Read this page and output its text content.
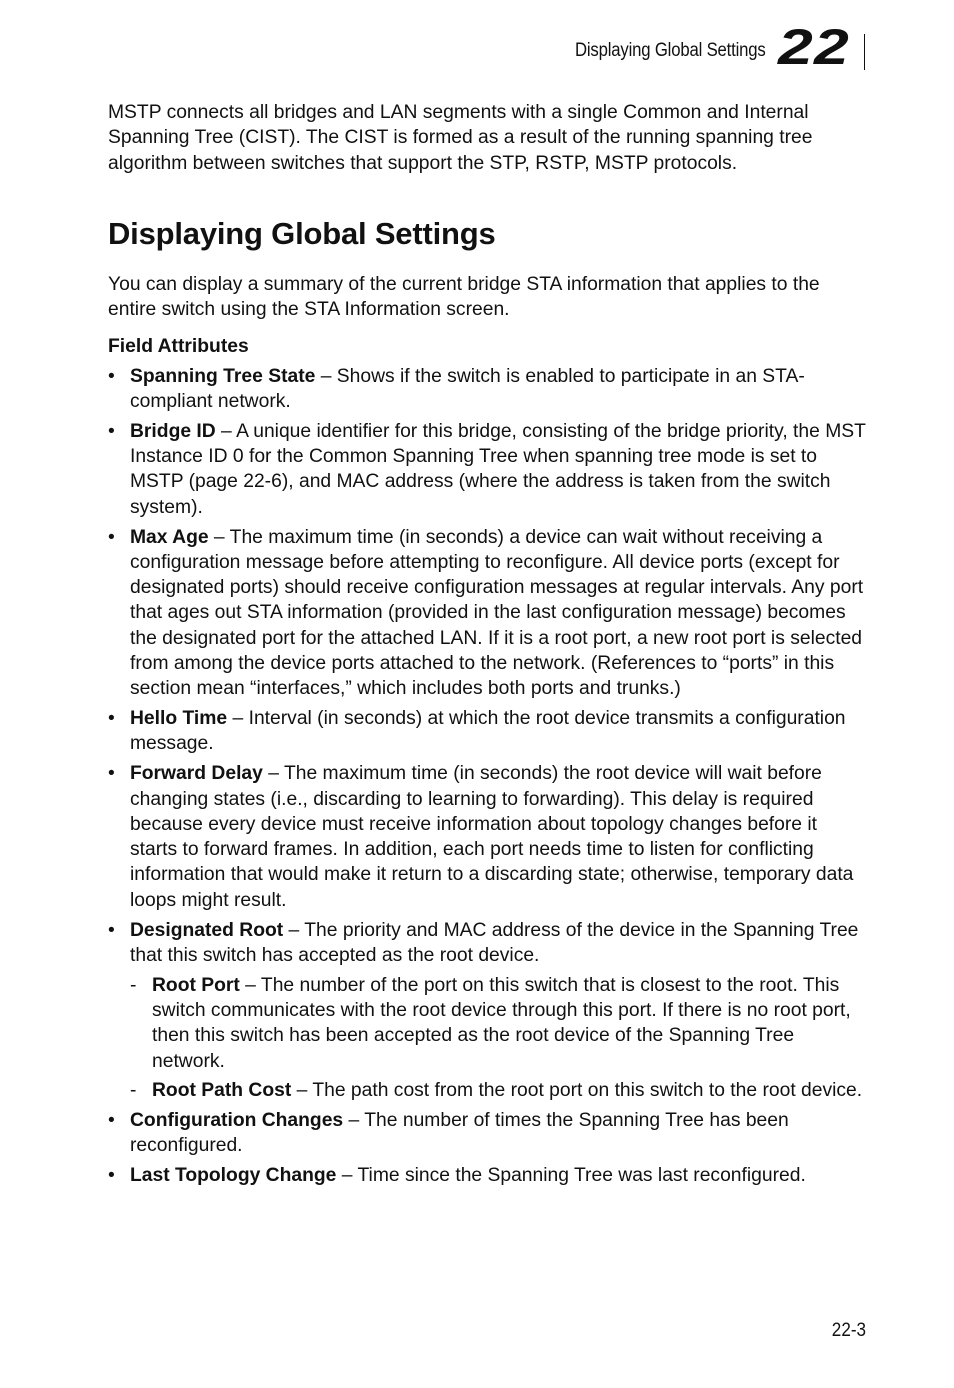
Displaying Global Settings 22

MSTP connects all bridges and LAN segments with a single Common and Internal Spanning Tree (CIST). The CIST is formed as a result of the running spanning tree algorithm between switches that support the STP, RSTP, MSTP protocols.

Displaying Global Settings

You can display a summary of the current bridge STA information that applies to the entire switch using the STA Information screen.

Field Attributes
• Spanning Tree State – Shows if the switch is enabled to participate in an STA-compliant network.
• Bridge ID – A unique identifier for this bridge, consisting of the bridge priority, the MST Instance ID 0 for the Common Spanning Tree when spanning tree mode is set to MSTP (page 22-6), and MAC address (where the address is taken from the switch system).
• Max Age – The maximum time (in seconds) a device can wait without receiving a configuration message before attempting to reconfigure. All device ports (except for designated ports) should receive configuration messages at regular intervals. Any port that ages out STA information (provided in the last configuration message) becomes the designated port for the attached LAN. If it is a root port, a new root port is selected from among the device ports attached to the network. (References to “ports” in this section mean “interfaces,” which includes both ports and trunks.)
• Hello Time – Interval (in seconds) at which the root device transmits a configuration message.
• Forward Delay – The maximum time (in seconds) the root device will wait before changing states (i.e., discarding to learning to forwarding). This delay is required because every device must receive information about topology changes before it starts to forward frames. In addition, each port needs time to listen for conflicting information that would make it return to a discarding state; otherwise, temporary data loops might result.
• Designated Root – The priority and MAC address of the device in the Spanning Tree that this switch has accepted as the root device.
- Root Port – The number of the port on this switch that is closest to the root. This switch communicates with the root device through this port. If there is no root port, then this switch has been accepted as the root device of the Spanning Tree network.
- Root Path Cost – The path cost from the root port on this switch to the root device.
• Configuration Changes – The number of times the Spanning Tree has been reconfigured.
• Last Topology Change – Time since the Spanning Tree was last reconfigured.
22-3
